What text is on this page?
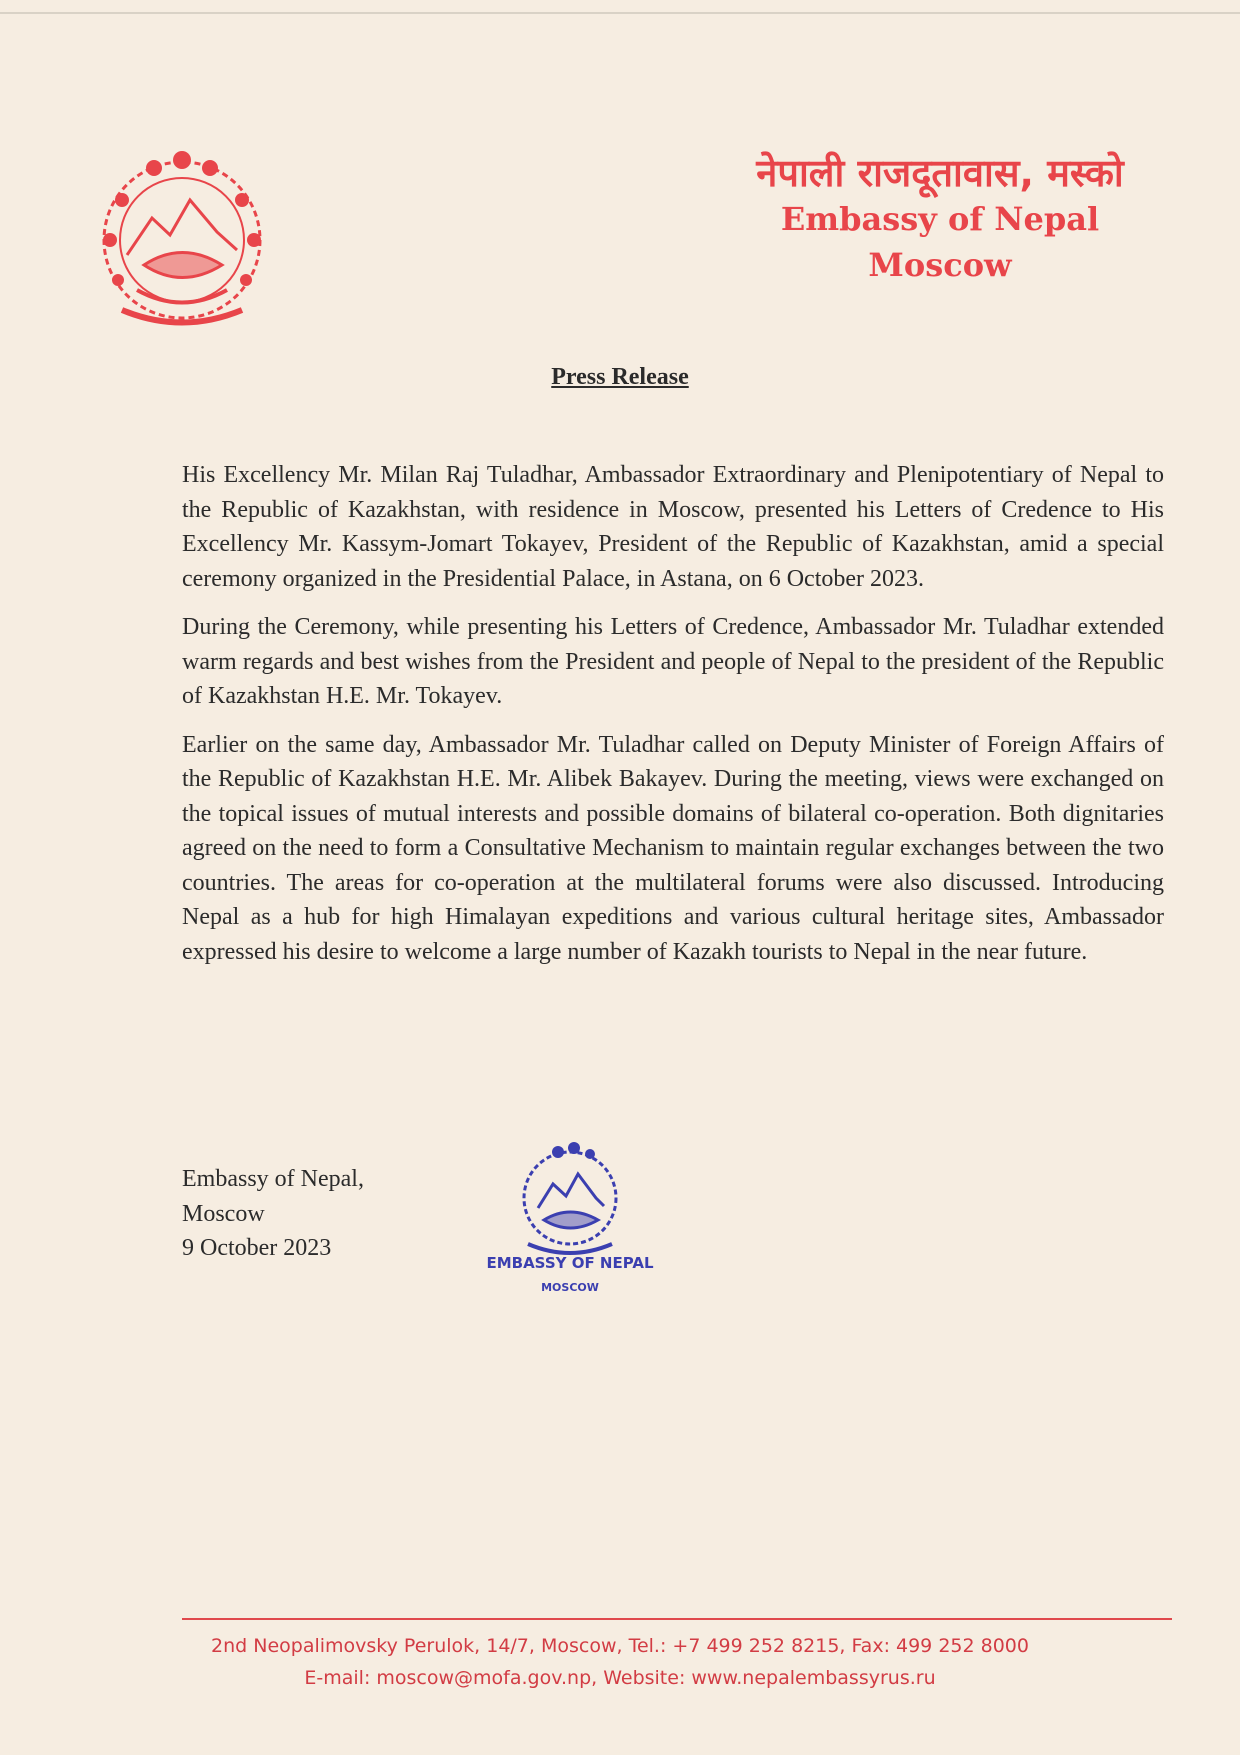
नेपाली राजदूतावास, मस्को
Embassy of Nepal
Moscow
Press Release

His Excellency Mr. Milan Raj Tuladhar, Ambassador Extraordinary and Plenipotentiary of Nepal to the Republic of Kazakhstan, with residence in Moscow, presented his Letters of Credence to His Excellency Mr. Kassym-Jomart Tokayev, President of the Republic of Kazakhstan, amid a special ceremony organized in the Presidential Palace, in Astana, on 6 October 2023.

During the Ceremony, while presenting his Letters of Credence, Ambassador Mr. Tuladhar extended warm regards and best wishes from the President and people of Nepal to the president of the Republic of Kazakhstan H.E. Mr. Tokayev.

Earlier on the same day, Ambassador Mr. Tuladhar called on Deputy Minister of Foreign Affairs of the Republic of Kazakhstan H.E. Mr. Alibek Bakayev. During the meeting, views were exchanged on the topical issues of mutual interests and possible domains of bilateral co-operation. Both dignitaries agreed on the need to form a Consultative Mechanism to maintain regular exchanges between the two countries. The areas for co-operation at the multilateral forums were also discussed. Introducing Nepal as a hub for high Himalayan expeditions and various cultural heritage sites, Ambassador expressed his desire to welcome a large number of Kazakh tourists to Nepal in the near future.

Embassy of Nepal,
Moscow
9 October 2023
EMBASSY OF NEPAL
MOSCOW
2nd Neopalimovsky Perulok, 14/7, Moscow, Tel.: +7 499 252 8215, Fax: 499 252 8000
E-mail: moscow@mofa.gov.np, Website: www.nepalembassyrus.ru
